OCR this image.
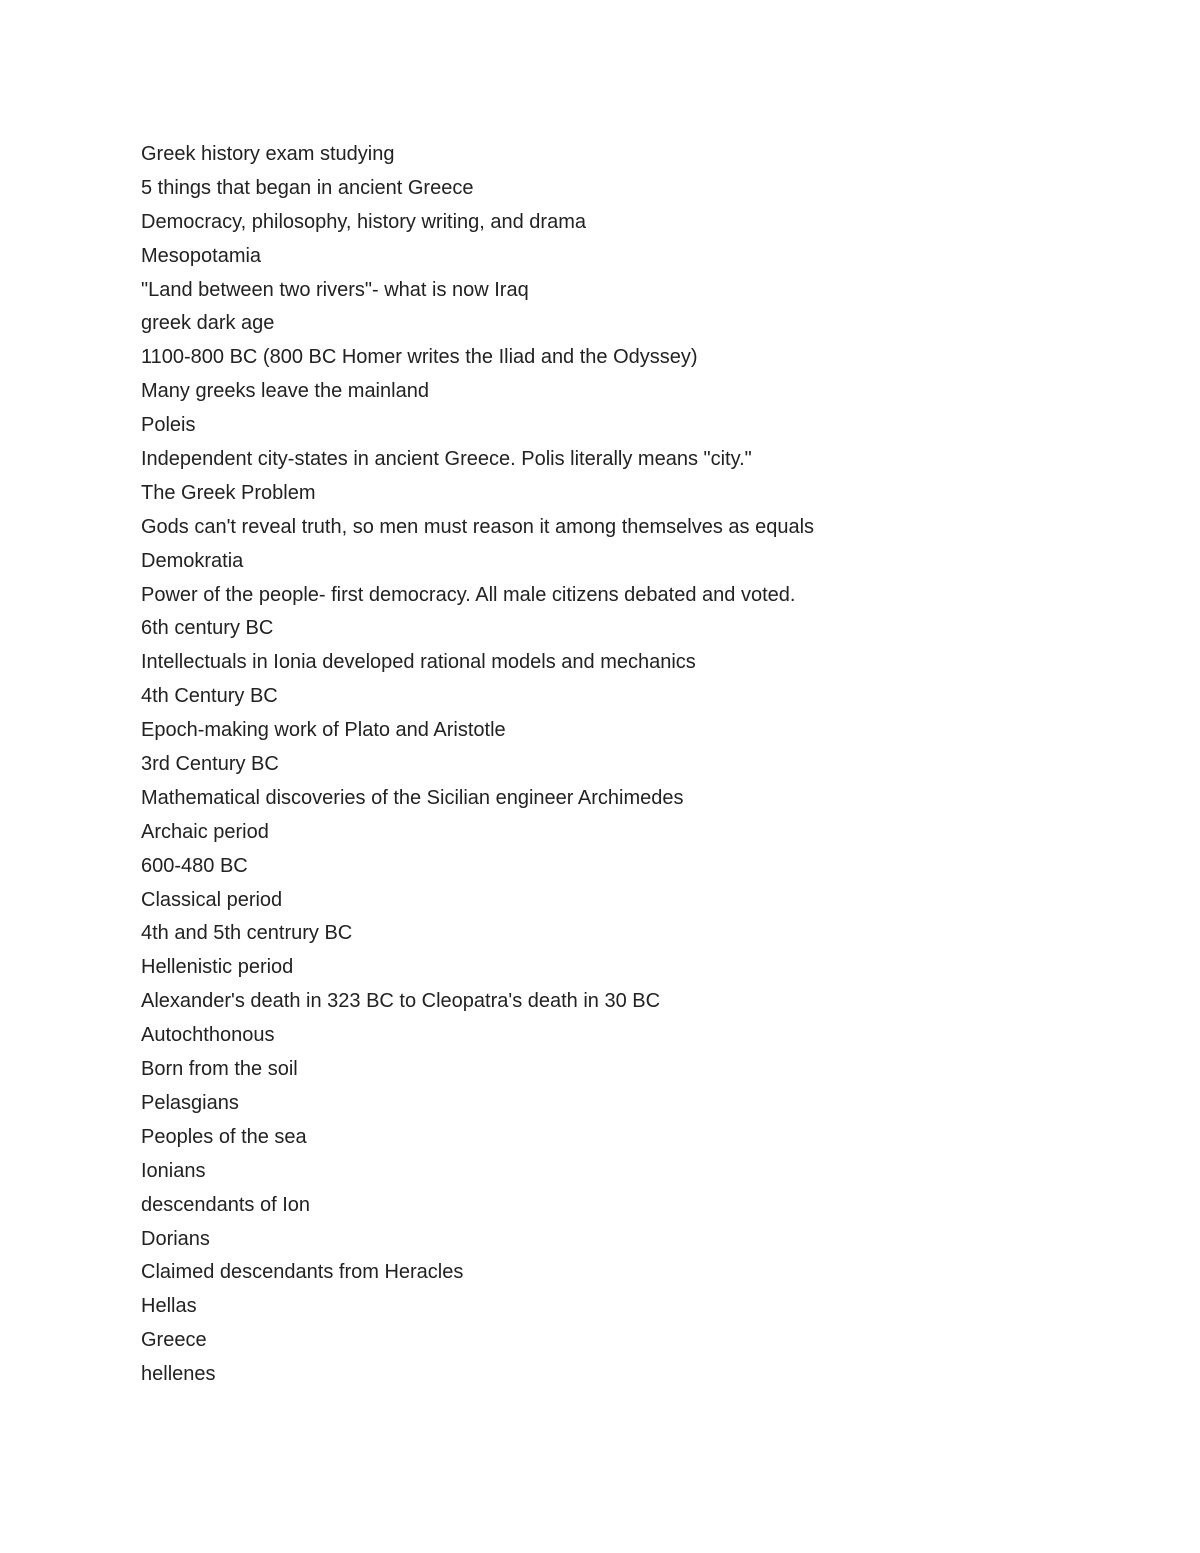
Greek history exam studying
5 things that began in ancient Greece
Democracy, philosophy, history writing, and drama
Mesopotamia
"Land between two rivers"- what is now Iraq
greek dark age
1100-800 BC (800 BC Homer writes the Iliad and the Odyssey)
Many greeks leave the mainland
Poleis
Independent city-states in ancient Greece. Polis literally means "city."
The Greek Problem
Gods can't reveal truth, so men must reason it among themselves as equals
Demokratia
Power of the people- first democracy. All male citizens debated and voted.
6th century BC
Intellectuals in Ionia developed rational models and mechanics
4th Century BC
Epoch-making work of Plato and Aristotle
3rd Century BC
Mathematical discoveries of the Sicilian engineer Archimedes
Archaic period
600-480 BC
Classical period
4th and 5th centrury BC
Hellenistic period
Alexander's death in 323 BC to Cleopatra's death in 30 BC
Autochthonous
Born from the soil
Pelasgians
Peoples of the sea
Ionians
descendants of Ion
Dorians
Claimed descendants from Heracles
Hellas
Greece
hellenes
